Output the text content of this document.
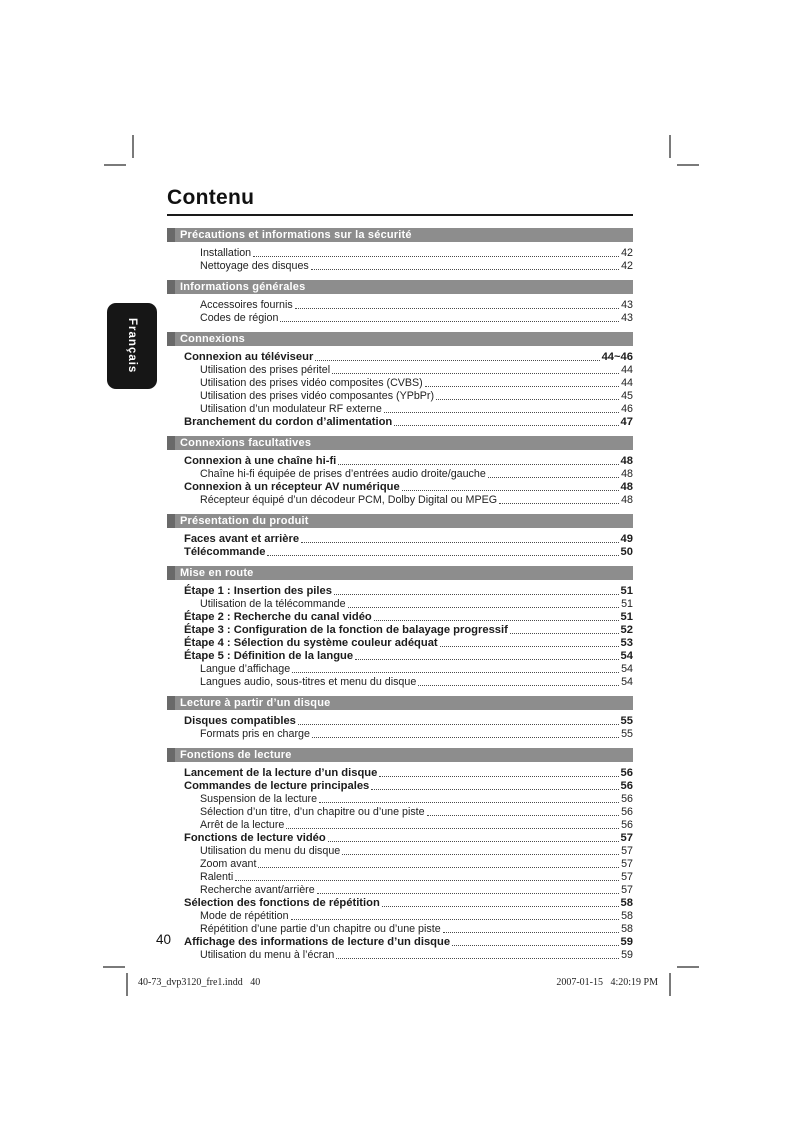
Français
Contenu
Précautions et informations sur la sécurité
Installation	42
Nettoyage des disques	42
Informations générales
Accessoires fournis	43
Codes de région	43
Connexions
Connexion au téléviseur	44~46
Utilisation des prises péritel	44
Utilisation des prises vidéo composites (CVBS)	44
Utilisation des prises vidéo composantes (YPbPr)	45
Utilisation d’un modulateur RF externe	46
Branchement du cordon d’alimentation	47
Connexions facultatives
Connexion à une chaîne hi-fi	48
Chaîne hi-fi équipée de prises d’entrées audio droite/gauche	48
Connexion à un récepteur AV numérique	48
Récepteur équipé d’un décodeur PCM, Dolby Digital ou MPEG	48
Présentation du produit
Faces avant et arrière	49
Télécommande	50
Mise en route
Étape 1 : Insertion des piles	51
Utilisation de la télécommande	51
Étape 2 : Recherche du canal vidéo	51
Étape 3 : Configuration de la fonction de balayage progressif	52
Étape 4 : Sélection du système couleur adéquat	53
Étape 5 : Définition de la langue	54
Langue d’affichage	54
Langues audio, sous-titres et menu du disque	54
Lecture à partir d’un disque
Disques compatibles	55
Formats pris en charge	55
Fonctions de lecture
Lancement de la lecture d’un disque	56
Commandes de lecture principales	56
Suspension de la lecture	56
Sélection d’un titre, d’un chapitre ou d’une piste	56
Arrêt de la lecture	56
Fonctions de lecture vidéo	57
Utilisation du menu du disque	57
Zoom avant	57
Ralenti	57
Recherche avant/arrière	57
Sélection des fonctions de répétition	58
Mode de répétition	58
Répétition d’une partie d’un chapitre ou d’une piste	58
Affichage des informations de lecture d’un disque	59
Utilisation du menu à l’écran	59
40
40-73_dvp3120_fre1.indd   40	2007-01-15   4:20:19 PM
